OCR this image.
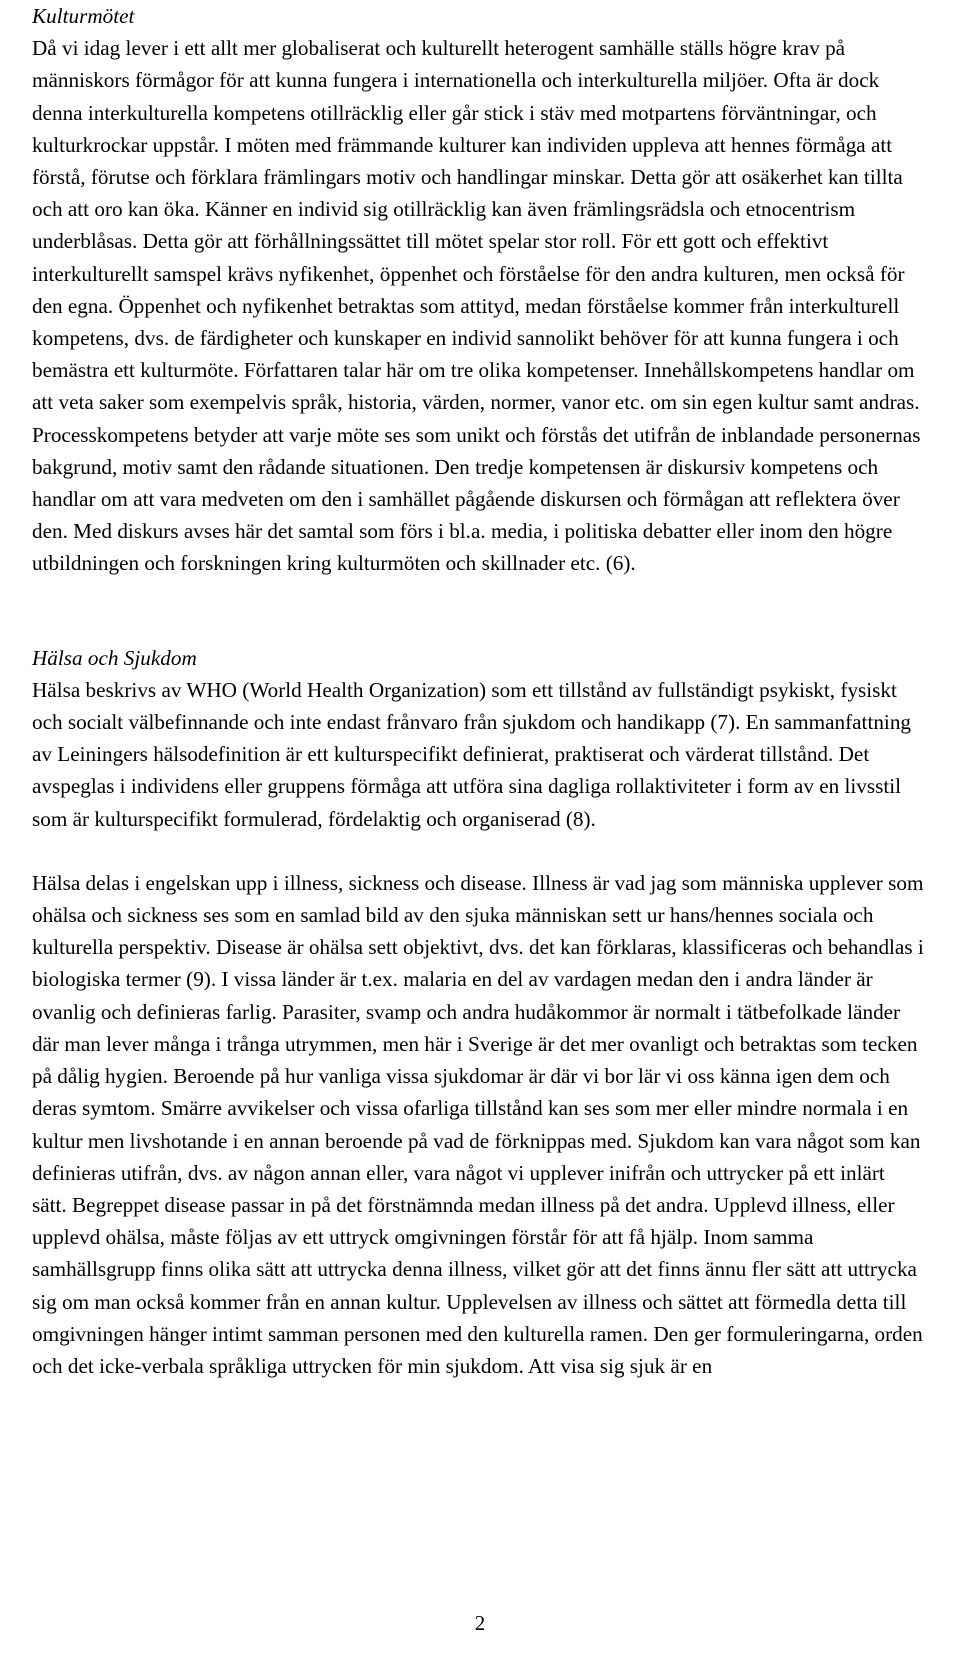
Kulturmötet

Då vi idag lever i ett allt mer globaliserat och kulturellt heterogent samhälle ställs högre krav på människors förmågor för att kunna fungera i internationella och interkulturella miljöer. Ofta är dock denna interkulturella kompetens otillräcklig eller går stick i stäv med motpartens förväntningar, och kulturkrockar uppstår. I möten med främmande kulturer kan individen uppleva att hennes förmåga att förstå, förutse och förklara främlingars motiv och handlingar minskar. Detta gör att osäkerhet kan tillta och att oro kan öka. Känner en individ sig otillräcklig kan även främlingsrädsla och etnocentrism underblåsas. Detta gör att förhållningssättet till mötet spelar stor roll. För ett gott och effektivt interkulturellt samspel krävs nyfikenhet, öppenhet och förståelse för den andra kulturen, men också för den egna. Öppenhet och nyfikenhet betraktas som attityd, medan förståelse kommer från interkulturell kompetens, dvs. de färdigheter och kunskaper en individ sannolikt behöver för att kunna fungera i och bemästra ett kulturmöte. Författaren talar här om tre olika kompetenser. Innehållskompetens handlar om att veta saker som exempelvis språk, historia, värden, normer, vanor etc. om sin egen kultur samt andras. Processkompetens betyder att varje möte ses som unikt och förstås det utifrån de inblandade personernas bakgrund, motiv samt den rådande situationen. Den tredje kompetensen är diskursiv kompetens och handlar om att vara medveten om den i samhället pågående diskursen och förmågan att reflektera över den. Med diskurs avses här det samtal som förs i bl.a. media, i politiska debatter eller inom den högre utbildningen och forskningen kring kulturmöten och skillnader etc. (6).

Hälsa och Sjukdom

Hälsa beskrivs av WHO (World Health Organization) som ett tillstånd av fullständigt psykiskt, fysiskt och socialt välbefinnande och inte endast frånvaro från sjukdom och handikapp (7). En sammanfattning av Leiningers hälsodefinition är ett kulturspecifikt definierat, praktiserat och värderat tillstånd. Det avspeglas i individens eller gruppens förmåga att utföra sina dagliga rollaktiviteter i form av en livsstil som är kulturspecifikt formulerad, fördelaktig och organiserad (8).

Hälsa delas i engelskan upp i illness, sickness och disease. Illness är vad jag som människa upplever som ohälsa och sickness ses som en samlad bild av den sjuka människan sett ur hans/hennes sociala och kulturella perspektiv. Disease är ohälsa sett objektivt, dvs. det kan förklaras, klassificeras och behandlas i biologiska termer (9). I vissa länder är t.ex. malaria en del av vardagen medan den i andra länder är ovanlig och definieras farlig. Parasiter, svamp och andra hudåkommor är normalt i tätbefolkade länder där man lever många i trånga utrymmen, men här i Sverige är det mer ovanligt och betraktas som tecken på dålig hygien. Beroende på hur vanliga vissa sjukdomar är där vi bor lär vi oss känna igen dem och deras symtom. Smärre avvikelser och vissa ofarliga tillstånd kan ses som mer eller mindre normala i en kultur men livshotande i en annan beroende på vad de förknippas med. Sjukdom kan vara något som kan definieras utifrån, dvs. av någon annan eller, vara något vi upplever inifrån och uttrycker på ett inlärt sätt. Begreppet disease passar in på det förstnämnda medan illness på det andra. Upplevd illness, eller upplevd ohälsa, måste följas av ett uttryck omgivningen förstår för att få hjälp. Inom samma samhällsgrupp finns olika sätt att uttrycka denna illness, vilket gör att det finns ännu fler sätt att uttrycka sig om man också kommer från en annan kultur. Upplevelsen av illness och sättet att förmedla detta till omgivningen hänger intimt samman personen med den kulturella ramen. Den ger formuleringarna, orden och det icke-verbala språkliga uttrycken för min sjukdom. Att visa sig sjuk är en

2
